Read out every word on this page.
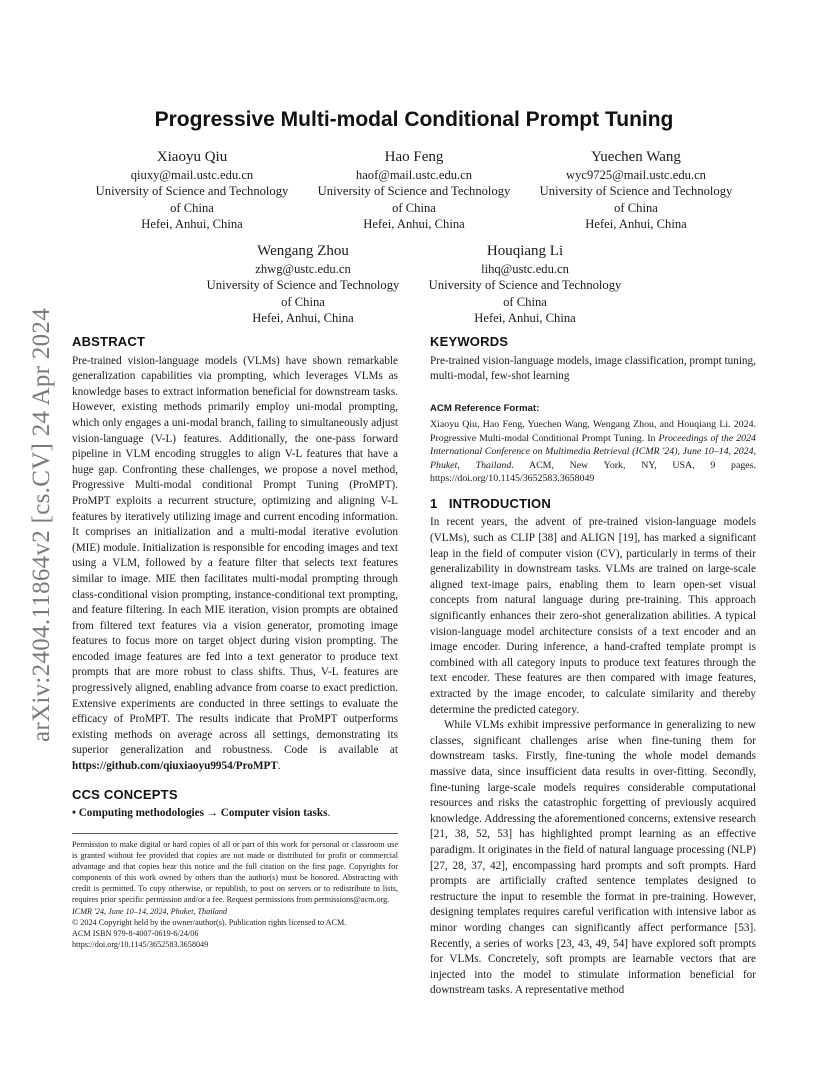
arXiv:2404.11864v2 [cs.CV] 24 Apr 2024
Progressive Multi-modal Conditional Prompt Tuning
Xiaoyu Qiu
qiuxy@mail.ustc.edu.cn
University of Science and Technology
of China
Hefei, Anhui, China
Hao Feng
haof@mail.ustc.edu.cn
University of Science and Technology
of China
Hefei, Anhui, China
Yuechen Wang
wyc9725@mail.ustc.edu.cn
University of Science and Technology
of China
Hefei, Anhui, China
Wengang Zhou
zhwg@ustc.edu.cn
University of Science and Technology
of China
Hefei, Anhui, China
Houqiang Li
lihq@ustc.edu.cn
University of Science and Technology
of China
Hefei, Anhui, China
ABSTRACT

Pre-trained vision-language models (VLMs) have shown remarkable generalization capabilities via prompting, which leverages VLMs as knowledge bases to extract information beneficial for downstream tasks. However, existing methods primarily employ uni-modal prompting, which only engages a uni-modal branch, failing to simultaneously adjust vision-language (V-L) features. Additionally, the one-pass forward pipeline in VLM encoding struggles to align V-L features that have a huge gap. Confronting these challenges, we propose a novel method, Progressive Multi-modal conditional Prompt Tuning (ProMPT). ProMPT exploits a recurrent structure, optimizing and aligning V-L features by iteratively utilizing image and current encoding information. It comprises an initialization and a multi-modal iterative evolution (MIE) module. Initialization is responsible for encoding images and text using a VLM, followed by a feature filter that selects text features similar to image. MIE then facilitates multi-modal prompting through class-conditional vision prompting, instance-conditional text prompting, and feature filtering. In each MIE iteration, vision prompts are obtained from filtered text features via a vision generator, promoting image features to focus more on target object during vision prompting. The encoded image features are fed into a text generator to produce text prompts that are more robust to class shifts. Thus, V-L features are progressively aligned, enabling advance from coarse to exact prediction. Extensive experiments are conducted in three settings to evaluate the efficacy of ProMPT. The results indicate that ProMPT outperforms existing methods on average across all settings, demonstrating its superior generalization and robustness. Code is available at https://github.com/qiuxiaoyu9954/ProMPT.

CCS CONCEPTS
• Computing methodologies → Computer vision tasks.

Permission to make digital or hard copies of all or part of this work for personal or classroom use is granted without fee provided that copies are not made or distributed for profit or commercial advantage and that copies bear this notice and the full citation on the first page. Copyrights for components of this work owned by others than the author(s) must be honored. Abstracting with credit is permitted. To copy otherwise, or republish, to post on servers or to redistribute to lists, requires prior specific permission and/or a fee. Request permissions from permissions@acm.org.

ICMR '24, June 10–14, 2024, Phuket, Thailand
© 2024 Copyright held by the owner/author(s). Publication rights licensed to ACM.
ACM ISBN 979-8-4007-0619-6/24/06
https://doi.org/10.1145/3652583.3658049
KEYWORDS

Pre-trained vision-language models, image classification, prompt tuning, multi-modal, few-shot learning

ACM Reference Format:

Xiaoyu Qiu, Hao Feng, Yuechen Wang, Wengang Zhou, and Houqiang Li. 2024. Progressive Multi-modal Conditional Prompt Tuning. In Proceedings of the 2024 International Conference on Multimedia Retrieval (ICMR '24), June 10–14, 2024, Phuket, Thailand. ACM, New York, NY, USA, 9 pages. https://doi.org/10.1145/3652583.3658049

1   INTRODUCTION

In recent years, the advent of pre-trained vision-language models (VLMs), such as CLIP [38] and ALIGN [19], has marked a significant leap in the field of computer vision (CV), particularly in terms of their generalizability in downstream tasks. VLMs are trained on large-scale aligned text-image pairs, enabling them to learn open-set visual concepts from natural language during pre-training. This approach significantly enhances their zero-shot generalization abilities. A typical vision-language model architecture consists of a text encoder and an image encoder. During inference, a hand-crafted template prompt is combined with all category inputs to produce text features through the text encoder. These features are then compared with image features, extracted by the image encoder, to calculate similarity and thereby determine the predicted category.

While VLMs exhibit impressive performance in generalizing to new classes, significant challenges arise when fine-tuning them for downstream tasks. Firstly, fine-tuning the whole model demands massive data, since insufficient data results in over-fitting. Secondly, fine-tuning large-scale models requires considerable computational resources and risks the catastrophic forgetting of previously acquired knowledge. Addressing the aforementioned concerns, extensive research [21, 38, 52, 53] has highlighted prompt learning as an effective paradigm. It originates in the field of natural language processing (NLP) [27, 28, 37, 42], encompassing hard prompts and soft prompts. Hard prompts are artificially crafted sentence templates designed to restructure the input to resemble the format in pre-training. However, designing templates requires careful verification with intensive labor as minor wording changes can significantly affect performance [53]. Recently, a series of works [23, 43, 49, 54] have explored soft prompts for VLMs. Concretely, soft prompts are learnable vectors that are injected into the model to stimulate information beneficial for downstream tasks. A representative method
